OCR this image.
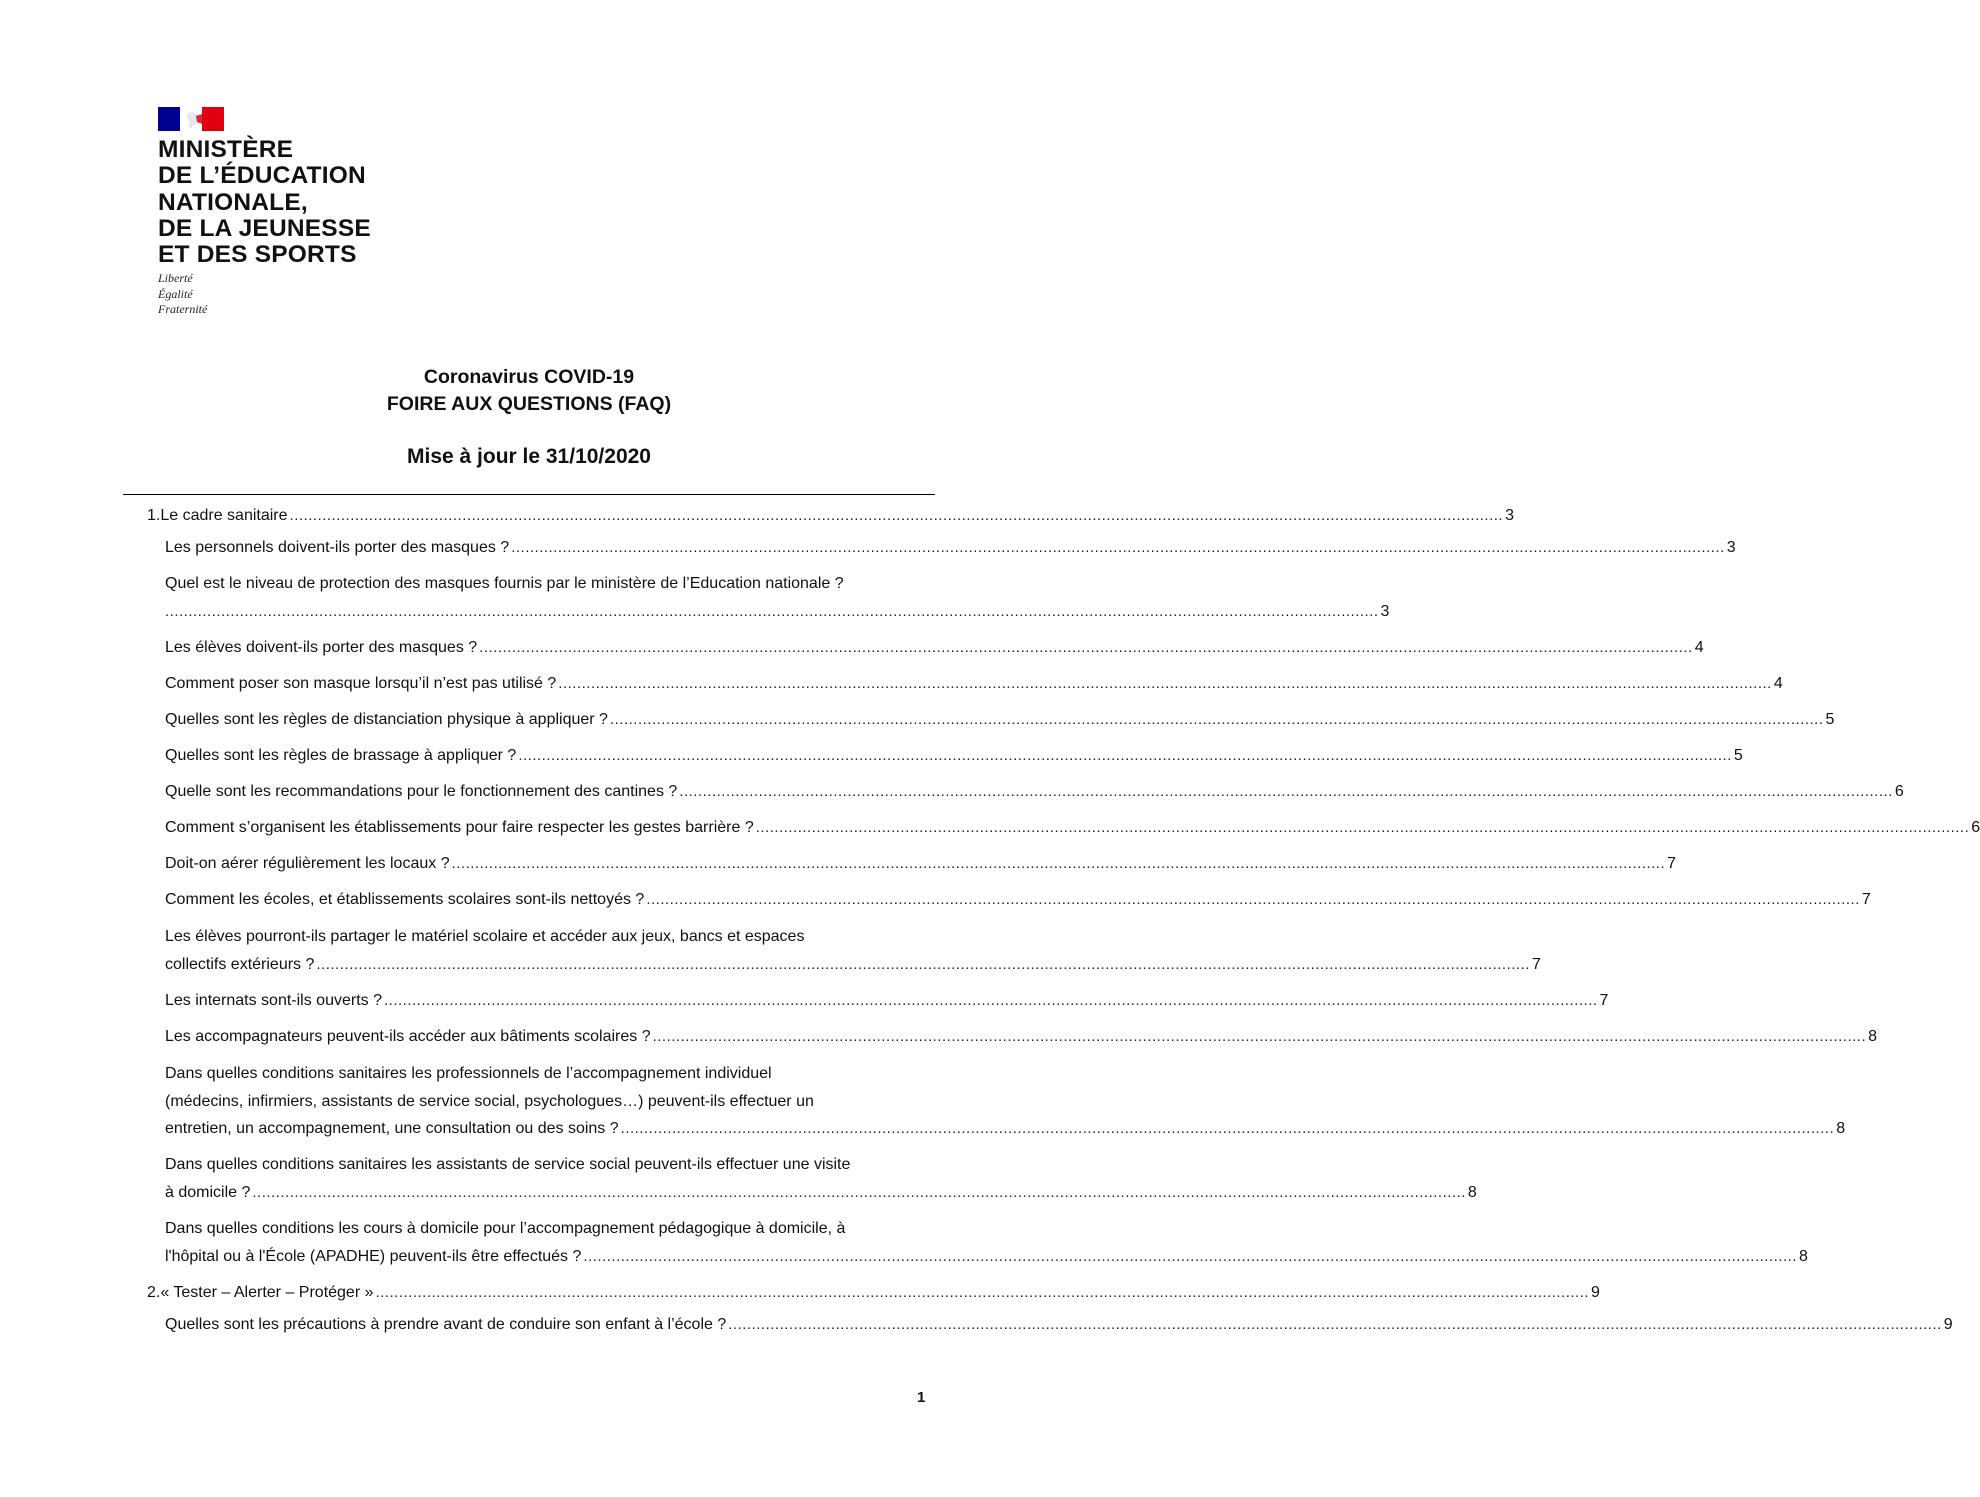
MINISTÈRE
DE L’ÉDUCATION
NATIONALE,
DE LA JEUNESSE
ET DES SPORTS
Liberté
Égalité
Fraternité
Coronavirus COVID-19
FOIRE AUX QUESTIONS (FAQ)
Mise à jour le 31/10/2020
1. Le cadre sanitaire .................................................................................................................................................................................................................................................................... 3
Les personnels doivent-ils porter des masques ? .................................................................................................................................................................................................................................................................... 3
Quel est le niveau de protection des masques fournis par le ministère de l’Education nationale ?
.................................................................................................................................................................................................................................................................... 3
Les élèves doivent-ils porter des masques ? .................................................................................................................................................................................................................................................................... 4
Comment poser son masque lorsqu’il n’est pas utilisé ? .................................................................................................................................................................................................................................................................... 4
Quelles sont les règles de distanciation physique à appliquer ? .................................................................................................................................................................................................................................................................... 5
Quelles sont les règles de brassage à appliquer ? .................................................................................................................................................................................................................................................................... 5
Quelle sont les recommandations pour le fonctionnement des cantines ? .................................................................................................................................................................................................................................................................... 6
Comment s’organisent les établissements pour faire respecter les gestes barrière ? .................................................................................................................................................................................................................................................................... 6
Doit-on aérer régulièrement les locaux ? .................................................................................................................................................................................................................................................................... 7
Comment les écoles, et établissements scolaires sont-ils nettoyés ? .................................................................................................................................................................................................................................................................... 7
Les élèves pourront-ils partager le matériel scolaire et accéder aux jeux, bancs et espaces
collectifs extérieurs ? .................................................................................................................................................................................................................................................................... 7
Les internats sont-ils ouverts ? .................................................................................................................................................................................................................................................................... 7
Les accompagnateurs peuvent-ils accéder aux bâtiments scolaires ? .................................................................................................................................................................................................................................................................... 8
Dans quelles conditions sanitaires les professionnels de l’accompagnement individuel
(médecins, infirmiers, assistants de service social, psychologues…) peuvent-ils effectuer un
entretien, un accompagnement, une consultation ou des soins ? .................................................................................................................................................................................................................................................................... 8
Dans quelles conditions sanitaires les assistants de service social peuvent-ils effectuer une visite
à domicile ? .................................................................................................................................................................................................................................................................... 8
Dans quelles conditions les cours à domicile pour l’accompagnement pédagogique à domicile, à
l'hôpital ou à l'École (APADHE) peuvent-ils être effectués ? .................................................................................................................................................................................................................................................................... 8
2. « Tester – Alerter – Protéger » .................................................................................................................................................................................................................................................................... 9
Quelles sont les précautions à prendre avant de conduire son enfant à l’école ? .................................................................................................................................................................................................................................................................... 9
1
